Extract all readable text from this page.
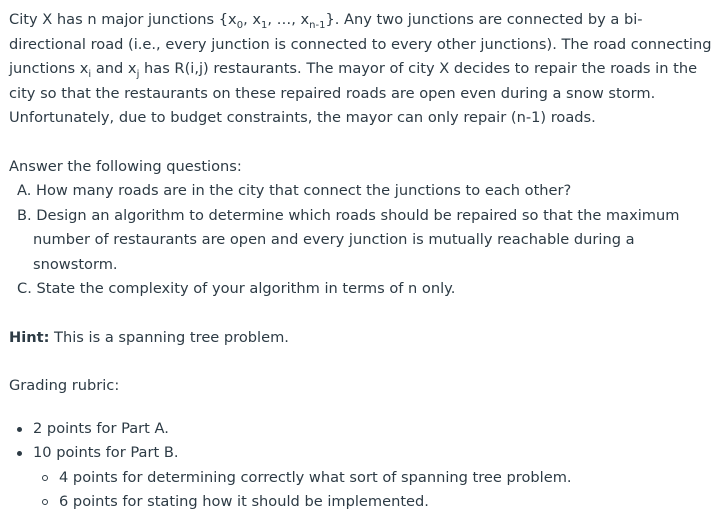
City X has n major junctions {$x_0$, $x_1$, …, $x_{n-1}$}. Any two junctions are connected by a bi-directional road (i.e., every junction is connected to every other junctions). The road connecting junctions $x_i$ and $x_j$ has R(i,j) restaurants. The mayor of city X decides to repair the roads in the city so that the restaurants on these repaired roads are open even during a snow storm. Unfortunately, due to budget constraints, the mayor can only repair (n-1) roads.

Answer the following questions:

A. How many roads are in the city that connect the junctions to each other?
B. Design an algorithm to determine which roads should be repaired so that the maximum number of restaurants are open and every junction is mutually reachable during a snowstorm.
C. State the complexity of your algorithm in terms of n only.

Hint: This is a spanning tree problem.

Grading rubric:

2 points for Part A.
10 points for Part B.
4 points for determining correctly what sort of spanning tree problem.
6 points for stating how it should be implemented.
